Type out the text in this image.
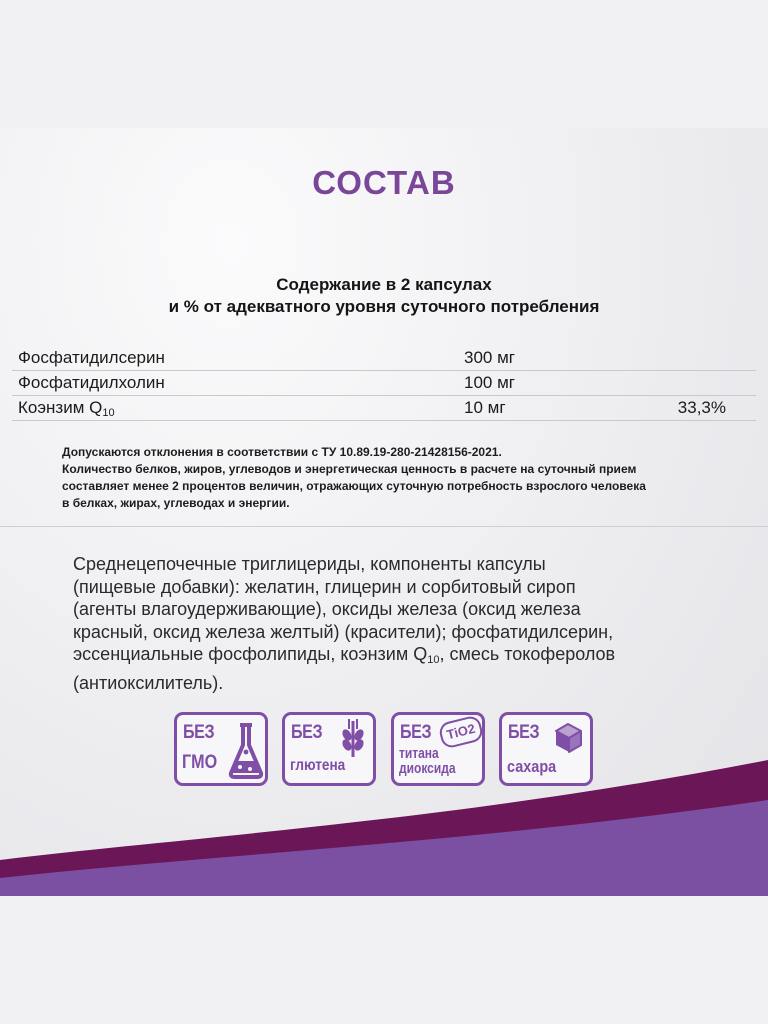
СОСТАВ
Содержание в 2 капсулах
и % от адекватного уровня суточного потребления
Фосфатидилсерин	300 мг
Фосфатидилхолин	100 мг
Коэнзим $Q_{10}$	10 мг	33,3%
Допускаются отклонения в соответствии с ТУ 10.89.19-280-21428156-2021.
Количество белков, жиров, углеводов и энергетическая ценность в расчете на суточный прием
составляет менее 2 процентов величин, отражающих суточную потребность взрослого человека
в белках, жирах, углеводах и энергии.
Среднецепочечные триглицериды, компоненты капсулы
(пищевые добавки): желатин, глицерин и сорбитовый сироп
(агенты влагоудерживающие), оксиды железа (оксид железа
красный, оксид железа желтый) (красители); фосфатидилсерин,
эссенциальные фосфолипиды, коэнзим $Q_{10}$, смесь токоферолов
(антиоксилитель).
БЕЗ
ГМО
БЕЗ
глютена
БЕЗ
титана
диоксида
TiO2	БЕЗ
сахара
